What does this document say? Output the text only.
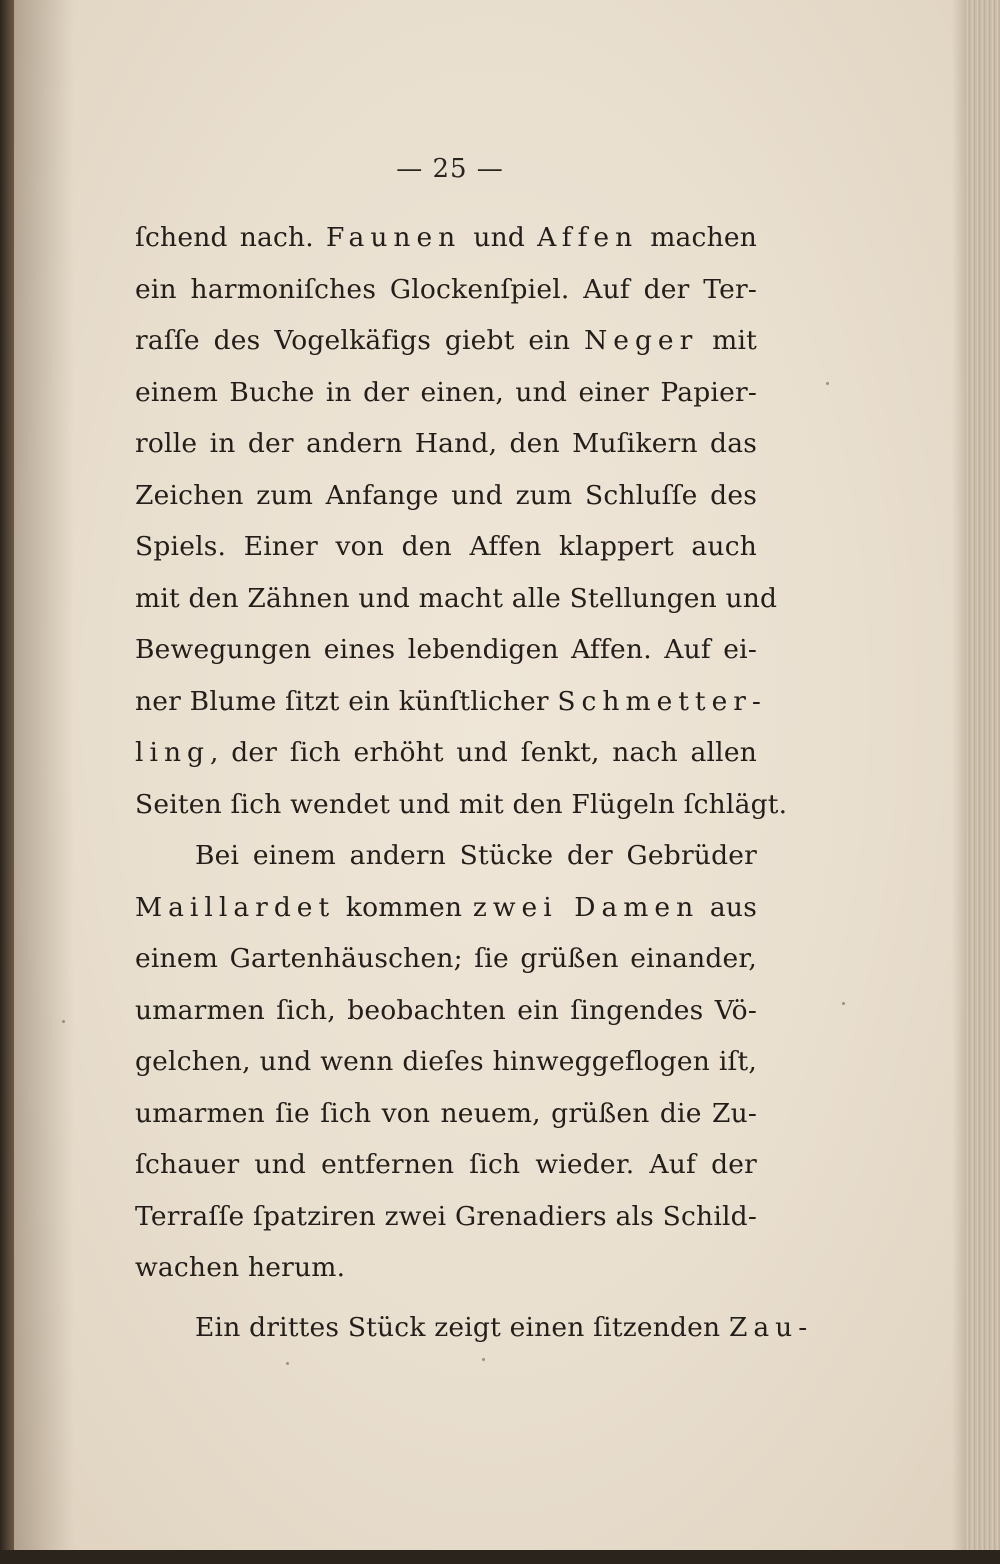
— 25 —
ſchend nach. Faunen und Affen machen
ein harmoniſches Glockenſpiel. Auf der Ter-
raſſe des Vogelkäfigs giebt ein Neger mit
einem Buche in der einen, und einer Papier-
rolle in der andern Hand, den Muſikern das
Zeichen zum Anfange und zum Schluſſe des
Spiels. Einer von den Affen klappert auch
mit den Zähnen und macht alle Stellungen und
Bewegungen eines lebendigen Affen. Auf ei-
ner Blume ſitzt ein künſtlicher Schmetter-
ling, der ſich erhöht und ſenkt, nach allen
Seiten ſich wendet und mit den Flügeln ſchlägt.
Bei einem andern Stücke der Gebrüder
Maillardet kommen zwei Damen aus
einem Gartenhäuschen; ſie grüßen einander,
umarmen ſich, beobachten ein ſingendes Vö-
gelchen, und wenn dieſes hinweggeflogen iſt,
umarmen ſie ſich von neuem, grüßen die Zu-
ſchauer und entfernen ſich wieder. Auf der
Terraſſe ſpatziren zwei Grenadiers als Schild-
wachen herum.
Ein drittes Stück zeigt einen ſitzenden Zau-
